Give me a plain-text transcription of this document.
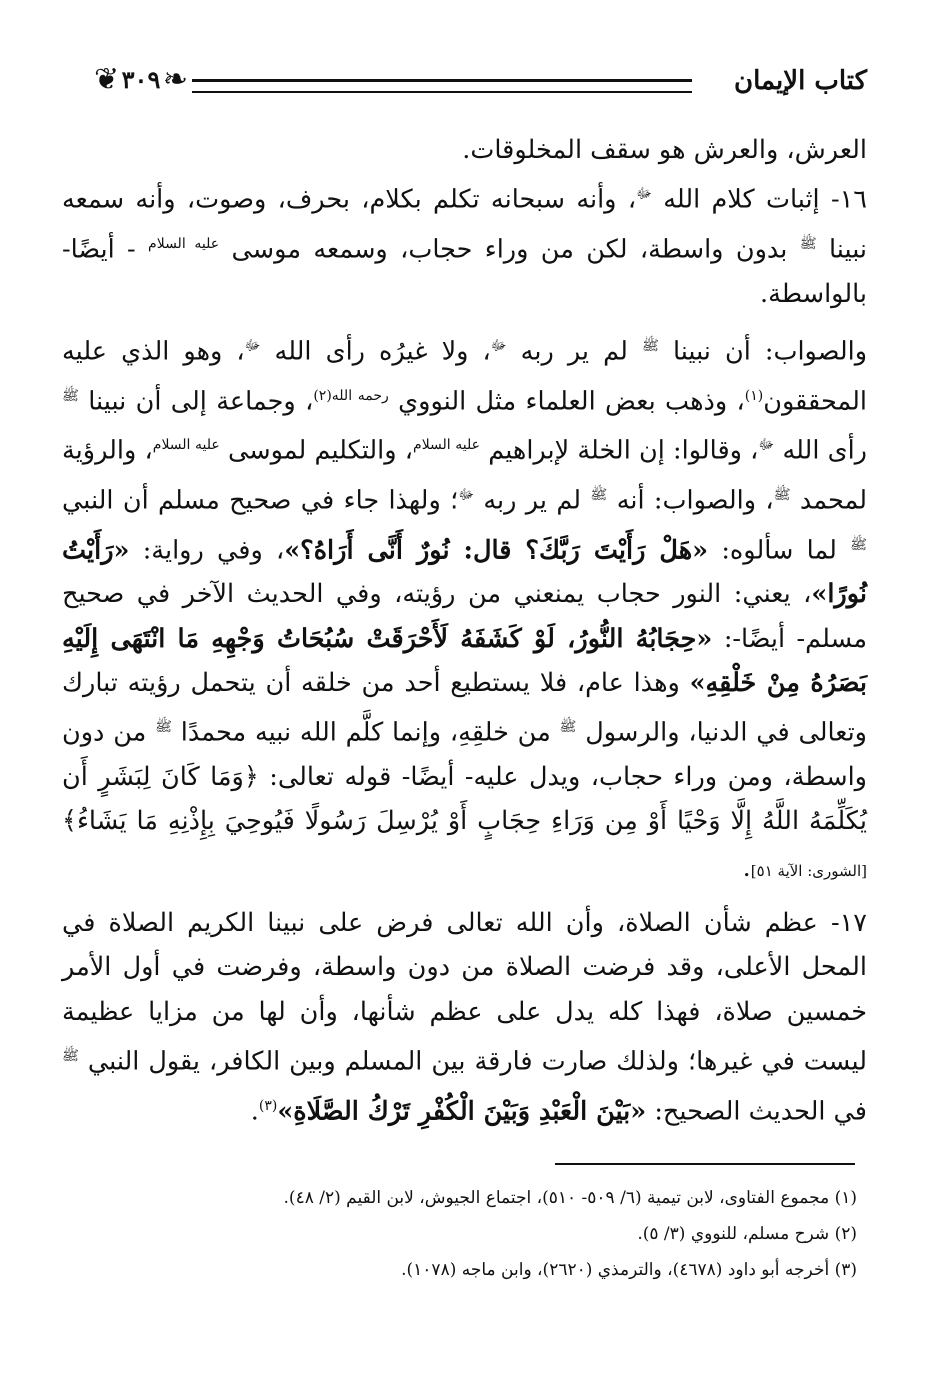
كتاب الإيمان
❧
٣٠٩
❦

العرش، والعرش هو سقف المخلوقات.

١٦- إثبات كلام الله $^ﷻ$، وأنه سبحانه تكلم بكلام، بحرف، وصوت، وأنه سمعه نبينا $^ﷺ$ بدون واسطة، لكن من وراء حجاب، وسمعه موسى $^{عليه السلام}$ - أيضًا- بالواسطة.

والصواب: أن نبينا $^ﷺ$ لم ير ربه $^ﷻ$، ولا غيرُه رأى الله $^ﷻ$، وهو الذي عليه المحققون$^{(١)}$، وذهب بعض العلماء مثل النووي $^{رحمه الله(٢)}$، وجماعة إلى أن نبينا $^ﷺ$ رأى الله $^ﷻ$، وقالوا: إن الخلة لإبراهيم $^{عليه السلام}$، والتكليم لموسى $^{عليه السلام}$، والرؤية لمحمد $^ﷺ$، والصواب: أنه $^ﷺ$ لم ير ربه $^ﷻ$؛ ولهذا جاء في صحيح مسلم أن النبي $^ﷺ$ لما سألوه: «هَلْ رَأَيْتَ رَبَّكَ؟ قال: نُورٌ أَنَّى أَرَاهُ؟»، وفي رواية: «رَأَيْتُ نُورًا»، يعني: النور حجاب يمنعني من رؤيته، وفي الحديث الآخر في صحيح مسلم- أيضًا-: «حِجَابُهُ النُّورُ، لَوْ كَشَفَهُ لَأَحْرَقَتْ سُبُحَاتُ وَجْهِهِ مَا انْتَهَى إِلَيْهِ بَصَرُهُ مِنْ خَلْقِهِ» وهذا عام، فلا يستطيع أحد من خلقه أن يتحمل رؤيته تبارك وتعالى في الدنيا، والرسول $^ﷺ$ من خلقِهِ، وإنما كلَّم الله نبيه محمدًا $^ﷺ$ من دون واسطة، ومن وراء حجاب، ويدل عليه- أيضًا- قوله تعالى: ﴿وَمَا كَانَ لِبَشَرٍ أَن يُكَلِّمَهُ اللَّهُ إِلَّا وَحْيًا أَوْ مِن وَرَاءِ حِجَابٍ أَوْ يُرْسِلَ رَسُولًا فَيُوحِيَ بِإِذْنِهِ مَا يَشَاءُ﴾ [الشورى: الآية ٥١].

١٧- عظم شأن الصلاة، وأن الله تعالى فرض على نبينا الكريم الصلاة في المحل الأعلى، وقد فرضت الصلاة من دون واسطة، وفرضت في أول الأمر خمسين صلاة، فهذا كله يدل على عظم شأنها، وأن لها من مزايا عظيمة ليست في غيرها؛ ولذلك صارت فارقة بين المسلم وبين الكافر، يقول النبي $^ﷺ$ في الحديث الصحيح: «بَيْنَ الْعَبْدِ وَبَيْنَ الْكُفْرِ تَرْكُ الصَّلَاةِ»$^{(٣)}$.

(١) مجموع الفتاوى، لابن تيمية (٦/ ٥٠٩- ٥١٠)، اجتماع الجيوش، لابن القيم (٢/ ٤٨).

(٢) شرح مسلم، للنووي (٣/ ٥).

(٣) أخرجه أبو داود (٤٦٧٨)، والترمذي (٢٦٢٠)، وابن ماجه (١٠٧٨).
